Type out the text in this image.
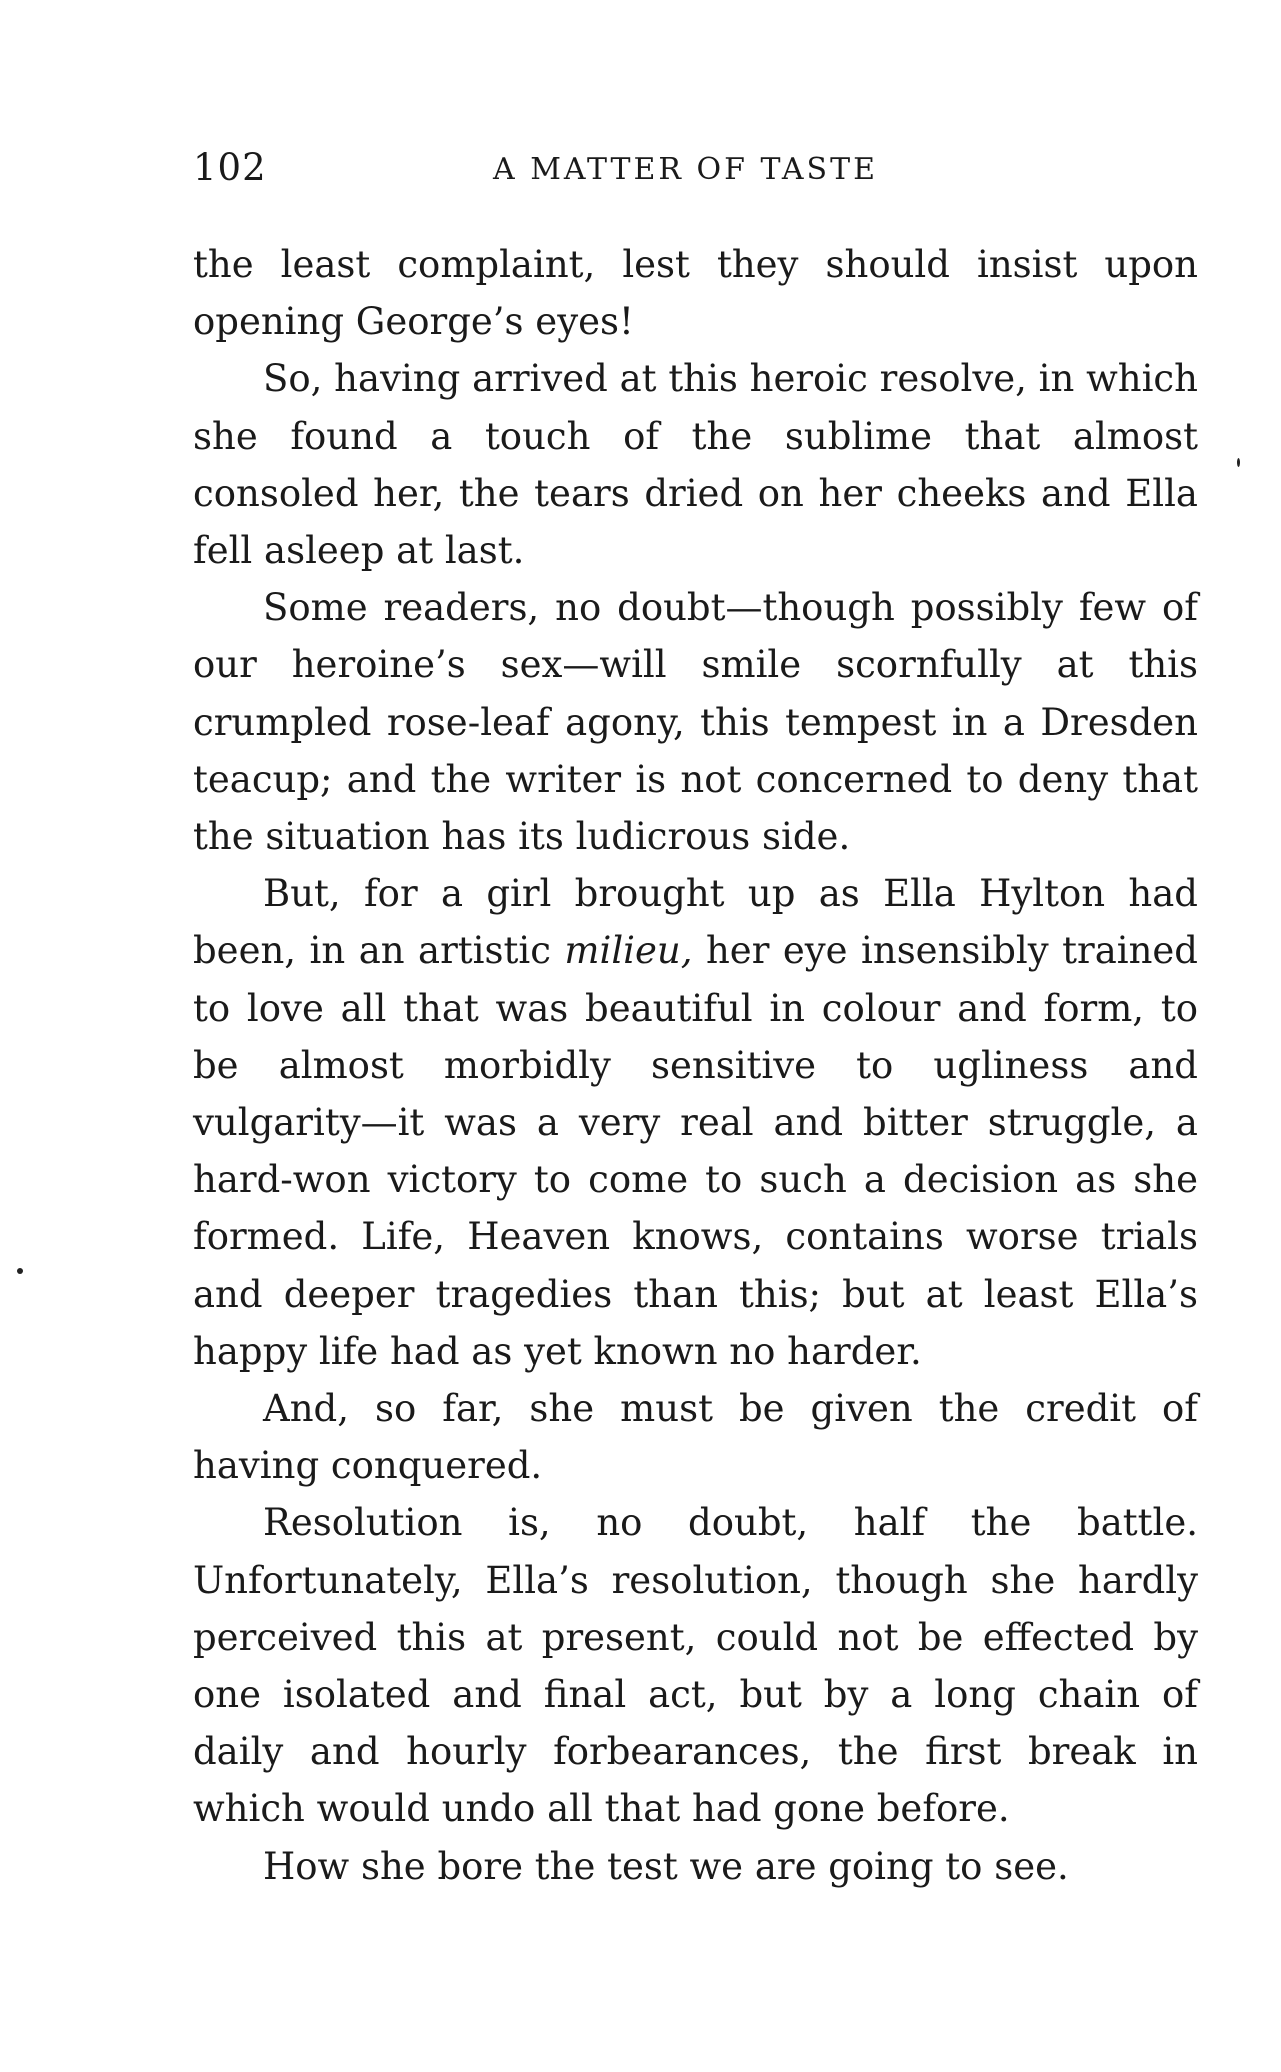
102	A MATTER OF TASTE

the least complaint, lest they should insist upon opening George’s eyes!

So, having arrived at this heroic resolve, in which she found a touch of the sublime that almost consoled her, the tears dried on her cheeks and Ella fell asleep at last.

Some readers, no doubt—though possibly few of our heroine’s sex—will smile scornfully at this crumpled rose-leaf agony, this tempest in a Dresden teacup; and the writer is not concerned to deny that the situation has its ludicrous side.

But, for a girl brought up as Ella Hylton had been, in an artistic milieu, her eye insensibly trained to love all that was beautiful in colour and form, to be almost morbidly sensitive to ugliness and vulgarity—it was a very real and bitter struggle, a hard-won victory to come to such a decision as she formed. Life, Heaven knows, contains worse trials and deeper tragedies than this; but at least Ella’s happy life had as yet known no harder.

And, so far, she must be given the credit of having conquered.

Resolution is, no doubt, half the battle. Unfortunately, Ella’s resolution, though she hardly perceived this at present, could not be effected by one isolated and final act, but by a long chain of daily and hourly forbearances, the first break in which would undo all that had gone before.

How she bore the test we are going to see.
